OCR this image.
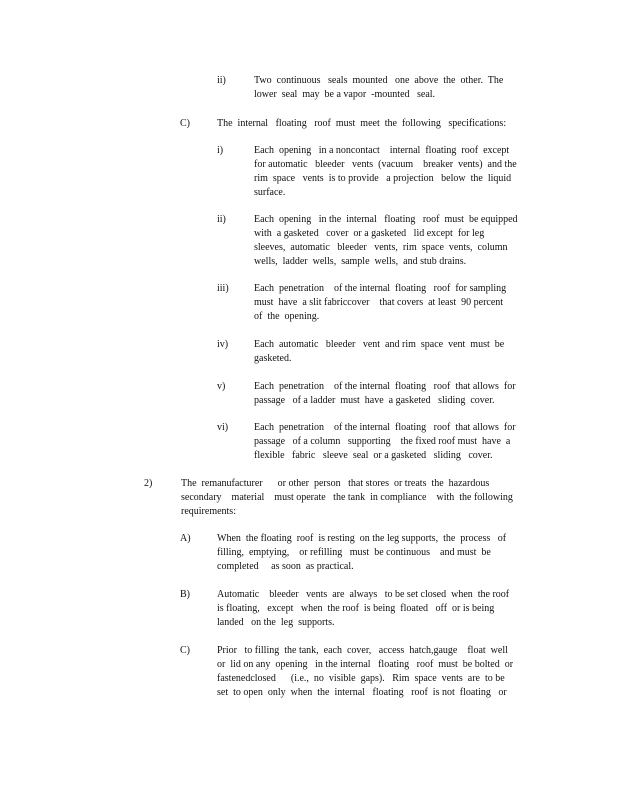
ii)	Two  continuous   seals  mounted   one  above  the  other.  The
lower  seal  may  be a vapor  -mounted   seal.
C)	The  internal   floating   roof  must  meet  the  following   specifications:
i)	Each  opening   in a noncontact    internal  floating  roof  except
for automatic   bleeder   vents  (vacuum    breaker  vents)  and the
rim  space   vents  is to provide   a projection   below  the  liquid
surface.
ii)	Each  opening   in the  internal   floating   roof  must  be equipped
with  a gasketed   cover  or a gasketed   lid except  for leg
sleeves,  automatic   bleeder   vents,  rim  space  vents,  column
wells,  ladder  wells,  sample  wells,  and stub drains.
iii)	Each  penetration    of the internal  floating   roof  for sampling
must  have  a slit fabriccover    that covers  at least  90 percent
of  the  opening.
iv)	Each  automatic   bleeder   vent  and rim  space  vent  must  be
gasketed.
v)	Each  penetration    of the internal  floating   roof  that allows  for
passage   of a ladder  must  have  a gasketed   sliding  cover.
vi)	Each  penetration    of the internal  floating   roof  that allows  for
passage   of a column   supporting    the fixed roof must  have  a
flexible   fabric   sleeve  seal  or a gasketed   sliding   cover.
2)	The  remanufacturer      or other  person   that stores  or treats  the  hazardous
secondary    material    must operate   the tank  in compliance    with  the following
requirements:
A)	When  the floating  roof  is resting  on the leg supports,  the  process   of
filling,  emptying,    or refilling   must  be continuous    and must  be
completed     as soon  as practical.
B)	Automatic    bleeder   vents  are  always   to be set closed  when  the roof
is floating,   except   when  the roof  is being  floated   off  or is being
landed   on the  leg  supports.
C)	Prior   to filling  the tank,  each  cover,   access  hatch,gauge    float  well
or  lid on any  opening   in the internal   floating   roof  must  be bolted  or
fastenedclosed      (i.e.,  no  visible  gaps).   Rim  space  vents  are  to be
set  to open  only  when  the  internal   floating   roof  is not  floating   or
